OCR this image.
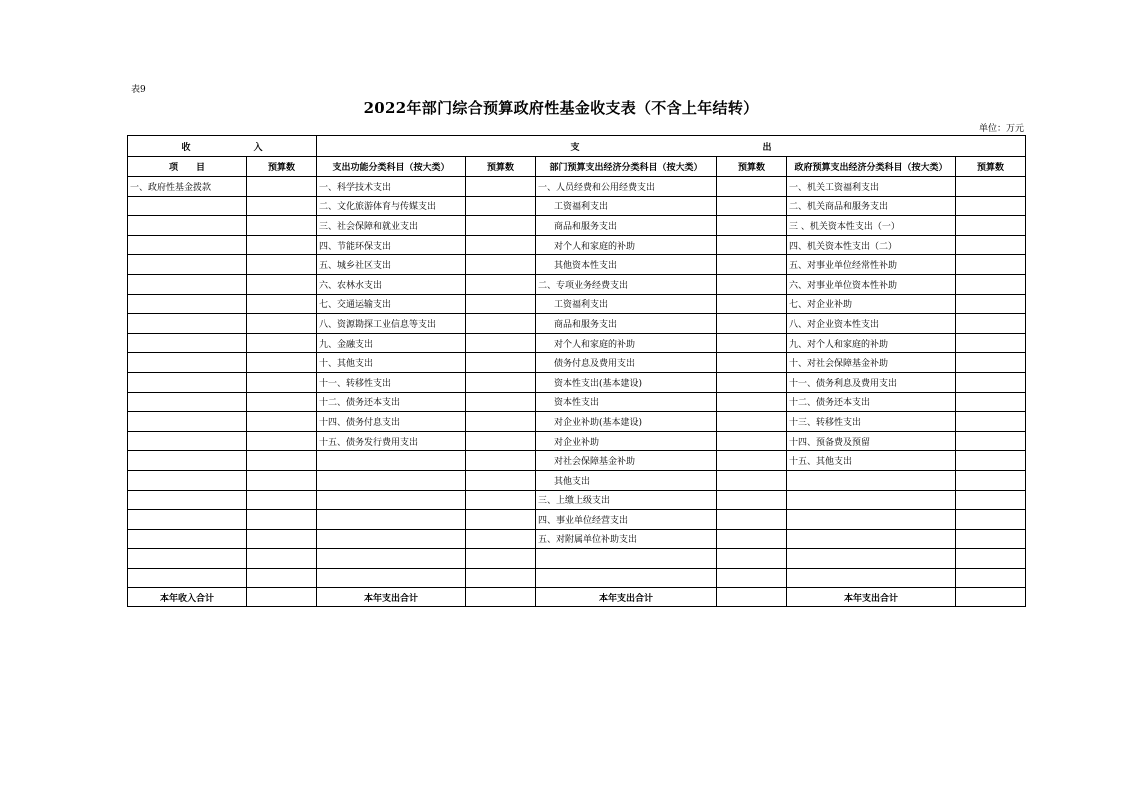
表9
2022年部门综合预算政府性基金收支表（不含上年结转）
单位：万元
收 入		支 出					

项　　目	预算数	支出功能分类科目（按大类）	预算数	部门预算支出经济分类科目（按大类）	预算数	政府预算支出经济分类科目（按大类）	预算数
一、政府性基金拨款		一、科学技术支出		一、人员经费和公用经费支出		一、机关工资福利支出	
		二、文化旅游体育与传媒支出		工资福利支出		二、机关商品和服务支出	
		三、社会保障和就业支出		商品和服务支出		三 、机关资本性支出（一）	
		四、节能环保支出		对个人和家庭的补助		四、机关资本性支出（二）	
		五、城乡社区支出		其他资本性支出		五、对事业单位经常性补助	
		六、农林水支出		二、专项业务经费支出		六、对事业单位资本性补助	
		七、交通运输支出		工资福利支出		七、对企业补助	
		八、资源勘探工业信息等支出		商品和服务支出		八、对企业资本性支出	
		九、金融支出		对个人和家庭的补助		九、对个人和家庭的补助	
		十、其他支出		债务付息及费用支出		十、对社会保障基金补助	
		十一、转移性支出		资本性支出(基本建设)		十一、债务利息及费用支出	
		十二、债务还本支出		资本性支出		十二、债务还本支出	
		十四、债务付息支出		对企业补助(基本建设)		十三、转移性支出	
		十五、债务发行费用支出		对企业补助		十四、预备费及预留	
				对社会保障基金补助		十五、其他支出	
				其他支出			
				三、上缴上级支出			
				四、事业单位经营支出			
				五、对附属单位补助支出			

本年收入合计		本年支出合计		本年支出合计		本年支出合计	
